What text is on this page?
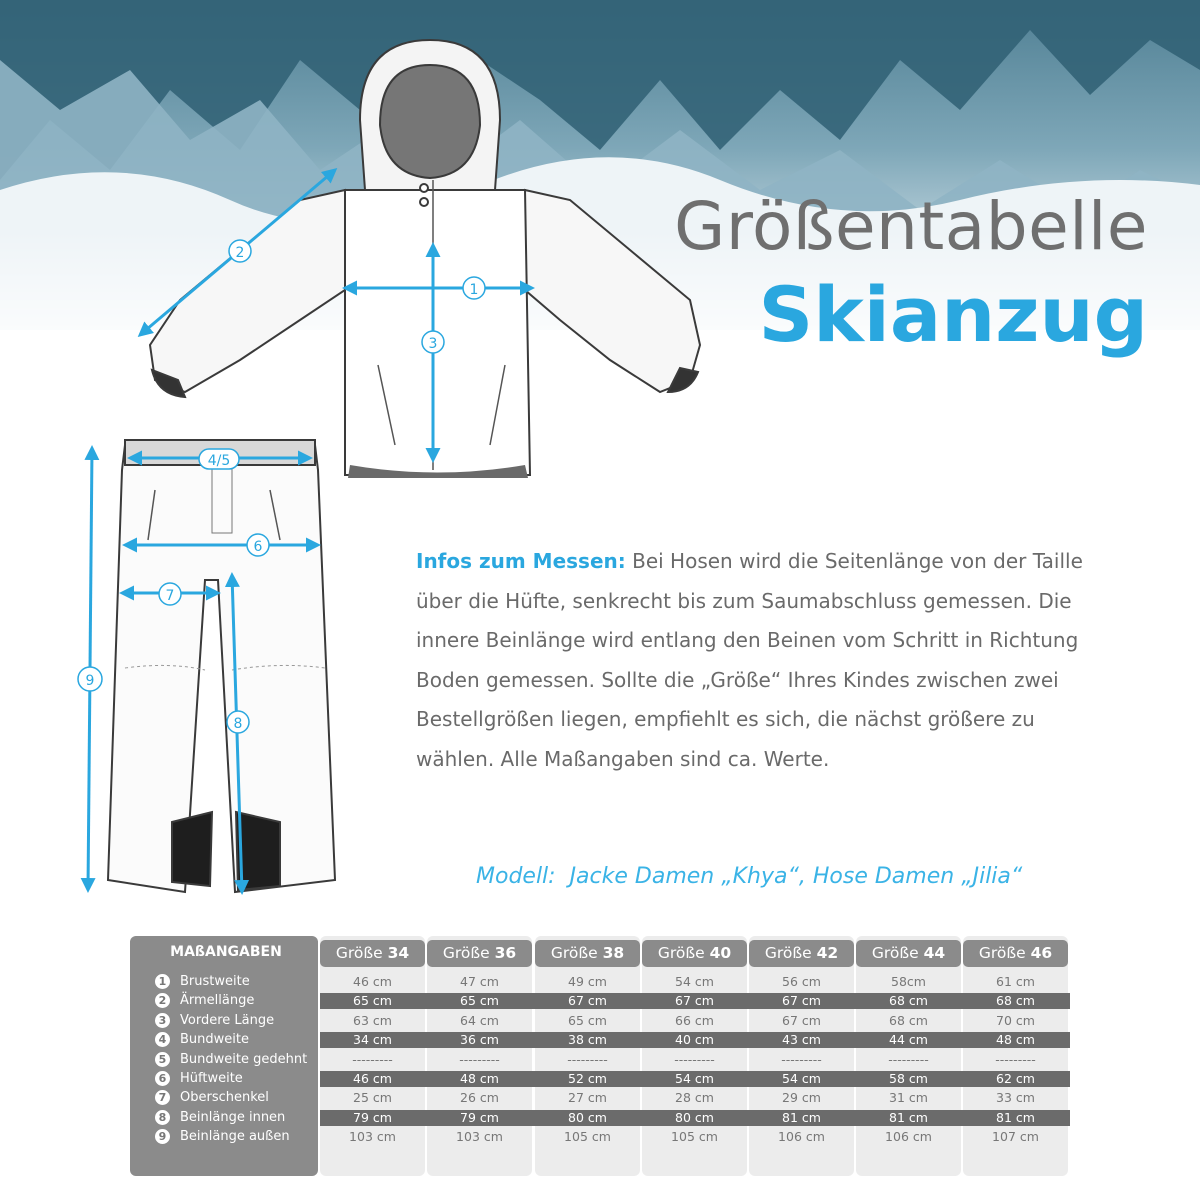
1
2
3
4/5
6
7
8
9
Größentabelle
Skianzug

Infos zum Messen: Bei Hosen wird die Seitenlänge von der Taille über die Hüfte, senkrecht bis zum Saumabschluss gemessen. Die innere Beinlänge wird entlang den Beinen vom Schritt in Richtung Boden gemessen. Sollte die „Größe“ Ihres Kindes zwischen zwei Bestellgrößen liegen, empfiehlt es sich, die nächst größere zu wählen. Alle Maßangaben sind ca. Werte.

Modell:  Jacke Damen „Khya“, Hose Damen „Jilia“

MAßANGABEN	Größe 34	Größe 36	Größe 38	Größe 40	Größe 42	Größe 44	Größe 46
1 Brustweite	46 cm	47 cm	49 cm	54 cm	56 cm	58cm	61 cm
2 Ärmellänge	65 cm	65 cm	67 cm	67 cm	67 cm	68 cm	68 cm
3 Vordere Länge	63 cm	64 cm	65 cm	66 cm	67 cm	68 cm	70 cm
4 Bundweite	34 cm	36 cm	38 cm	40 cm	43 cm	44 cm	48 cm
5 Bundweite gedehnt	---------	---------	---------	---------	---------	---------	---------
6 Hüftweite	46 cm	48 cm	52 cm	54 cm	54 cm	58 cm	62 cm
7 Oberschenkel	25 cm	26 cm	27 cm	28 cm	29 cm	31 cm	33 cm
8 Beinlänge innen	79 cm	79 cm	80 cm	80 cm	81 cm	81 cm	81 cm
9 Beinlänge außen	103 cm	103 cm	105 cm	105 cm	106 cm	106 cm	107 cm
